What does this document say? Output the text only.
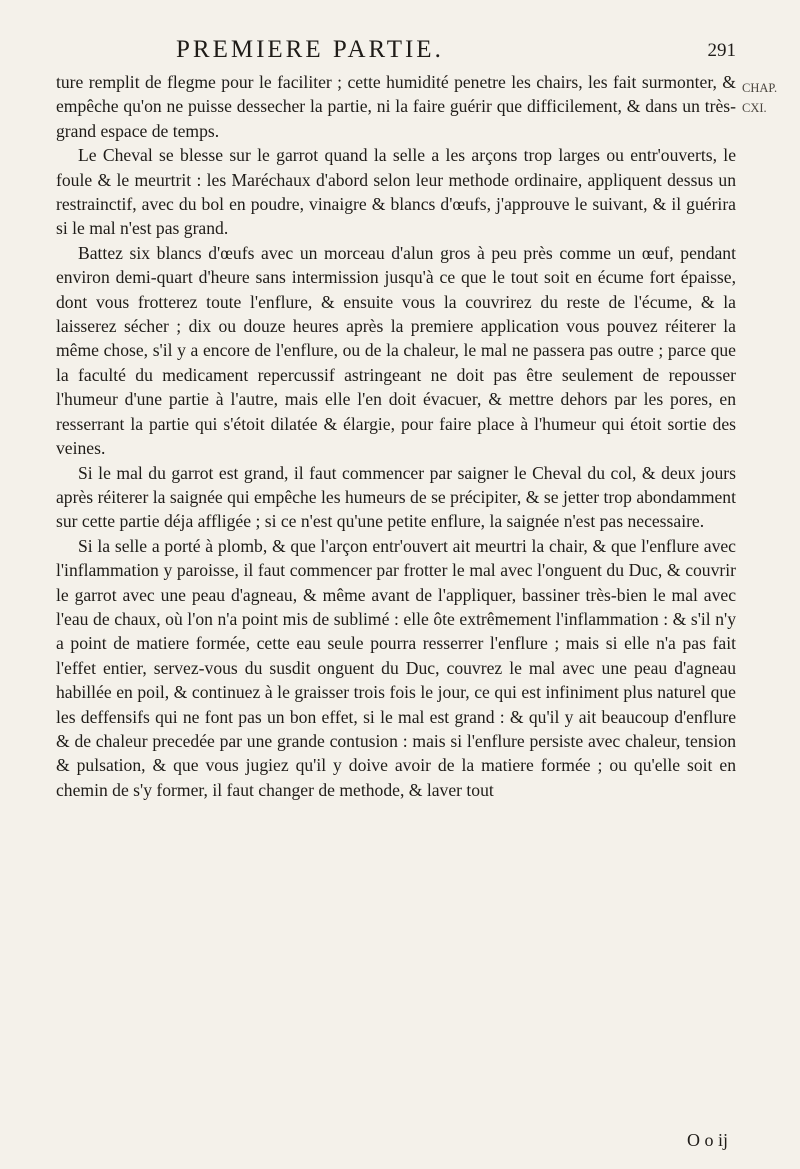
PREMIERE PARTIE.	291
CHAP.
CXI.

ture remplit de flegme pour le faciliter ; cette humidité penetre les chairs, les fait surmonter, & empêche qu'on ne puisse dessecher la partie, ni la faire guérir que difficilement, & dans un très-grand espace de temps.

Le Cheval se blesse sur le garrot quand la selle a les arçons trop larges ou entr'ouverts, le foule & le meurtrit : les Maréchaux d'abord selon leur methode ordinaire, appliquent dessus un restrainctif, avec du bol en poudre, vinaigre & blancs d'œufs, j'approuve le suivant, & il guérira si le mal n'est pas grand.

Battez six blancs d'œufs avec un morceau d'alun gros à peu près comme un œuf, pendant environ demi-quart d'heure sans intermission jusqu'à ce que le tout soit en écume fort épaisse, dont vous frotterez toute l'enflure, & ensuite vous la couvrirez du reste de l'écume, & la laisserez sécher ; dix ou douze heures après la premiere application vous pouvez réiterer la même chose, s'il y a encore de l'enflure, ou de la chaleur, le mal ne passera pas outre ; parce que la faculté du medicament repercussif astringeant ne doit pas être seulement de repousser l'humeur d'une partie à l'autre, mais elle l'en doit évacuer, & mettre dehors par les pores, en resserrant la partie qui s'étoit dilatée & élargie, pour faire place à l'humeur qui étoit sortie des veines.

Si le mal du garrot est grand, il faut commencer par saigner le Cheval du col, & deux jours après réiterer la saignée qui empêche les humeurs de se précipiter, & se jetter trop abondamment sur cette partie déja affligée ; si ce n'est qu'une petite enflure, la saignée n'est pas necessaire.

Si la selle a porté à plomb, & que l'arçon entr'ouvert ait meurtri la chair, & que l'enflure avec l'inflammation y paroisse, il faut commencer par frotter le mal avec l'onguent du Duc, & couvrir le garrot avec une peau d'agneau, & même avant de l'appliquer, bassiner très-bien le mal avec l'eau de chaux, où l'on n'a point mis de sublimé : elle ôte extrêmement l'inflammation : & s'il n'y a point de matiere formée, cette eau seule pourra resserrer l'enflure ; mais si elle n'a pas fait l'effet entier, servez-vous du susdit onguent du Duc, couvrez le mal avec une peau d'agneau habillée en poil, & continuez à le graisser trois fois le jour, ce qui est infiniment plus naturel que les deffensifs qui ne font pas un bon effet, si le mal est grand : & qu'il y ait beaucoup d'enflure & de chaleur precedée par une grande contusion : mais si l'enflure persiste avec chaleur, tension & pulsation, & que vous jugiez qu'il y doive avoir de la matiere formée ; ou qu'elle soit en chemin de s'y former, il faut changer de methode, & laver tout

O o ij
